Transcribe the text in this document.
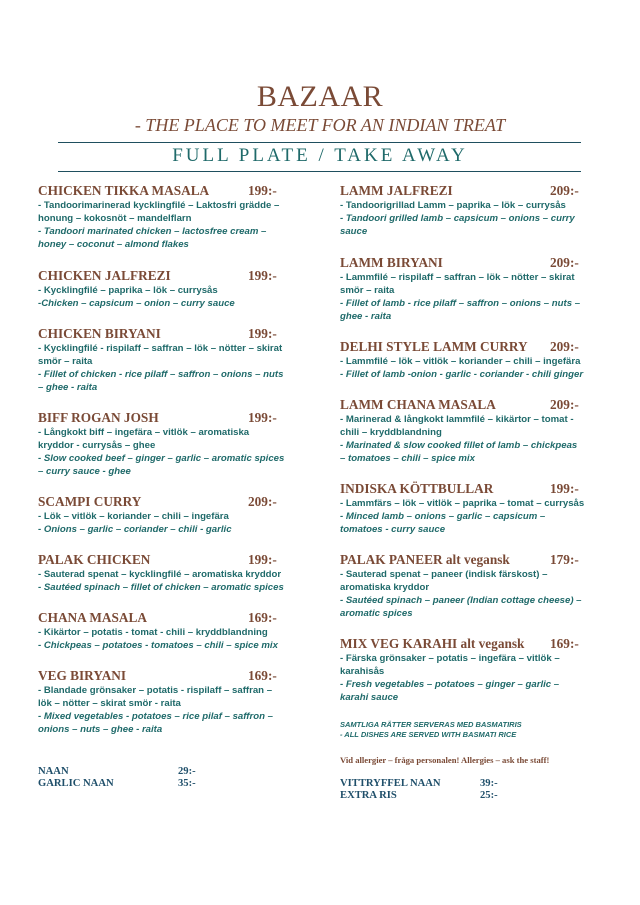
BAZAAR
- THE PLACE TO MEET FOR AN INDIAN TREAT
FULL PLATE / TAKE AWAY
CHICKEN TIKKA MASALA	199:-
- Tandoorimarinerad kycklingfilé – Laktosfri grädde –
honung – kokosnöt – mandelflarn
- Tandoori marinated chicken – lactosfree cream –
honey – coconut – almond flakes
CHICKEN JALFREZI	199:-
- Kycklingfilé – paprika – lök – currysås
-Chicken – capsicum – onion – curry sauce
CHICKEN BIRYANI	199:-
- Kycklingfilé - rispilaff – saffran – lök – nötter – skirat
smör – raita
- Fillet of chicken - rice pilaff – saffron – onions – nuts
– ghee - raita
BIFF ROGAN JOSH	199:-
- Långkokt biff – ingefära – vitlök – aromatiska
kryddor - currysås – ghee
- Slow cooked beef – ginger – garlic – aromatic spices
– curry sauce - ghee
SCAMPI CURRY	209:-
- Lök – vitlök – koriander – chili – ingefära
- Onions – garlic – coriander – chili - garlic
PALAK CHICKEN	199:-
- Sauterad spenat – kycklingfilé – aromatiska kryddor
- Sautéed spinach – fillet of chicken – aromatic spices
CHANA MASALA	169:-
- Kikärtor – potatis - tomat - chili – kryddblandning
- Chickpeas – potatoes - tomatoes – chili – spice mix
VEG BIRYANI	169:-
- Blandade grönsaker – potatis - rispilaff – saffran –
lök – nötter – skirat smör - raita
- Mixed vegetables - potatoes – rice pilaf – saffron –
onions – nuts – ghee - raita
NAAN	29:-
GARLIC NAAN	35:-
LAMM JALFREZI	209:-
- Tandoorigrillad Lamm – paprika – lök – currysås
- Tandoori grilled lamb – capsicum – onions – curry
sauce
LAMM BIRYANI	209:-
- Lammfilé – rispilaff – saffran – lök – nötter – skirat
smör – raita
- Fillet of lamb - rice pilaff – saffron – onions – nuts –
ghee - raita
DELHI STYLE LAMM CURRY	209:-
- Lammfilé – lök – vitlök – koriander – chili – ingefära
- Fillet of lamb -onion - garlic - coriander - chili ginger
LAMM CHANA MASALA	209:-
- Marinerad & långkokt lammfilé – kikärtor – tomat -
chili – kryddblandning
- Marinated & slow cooked fillet of lamb – chickpeas
– tomatoes – chili – spice mix
INDISKA KÖTTBULLAR	199:-
- Lammfärs – lök – vitlök – paprika – tomat – currysås
- Minced lamb – onions – garlic – capsicum –
tomatoes - curry sauce
PALAK PANEER alt vegansk	179:-
- Sauterad spenat – paneer (indisk färskost) –
aromatiska kryddor
- Sautéed spinach – paneer (Indian cottage cheese) –
aromatic spices
MIX VEG KARAHI alt vegansk	169:-
- Färska grönsaker – potatis – ingefära – vitlök –
karahisås
- Fresh vegetables – potatoes – ginger – garlic –
karahi sauce
SAMTLIGA RÄTTER SERVERAS MED BASMATIRIS
- ALL DISHES ARE SERVED WITH BASMATI RICE
Vid allergier – fråga personalen! Allergies – ask the staff!
VITTRYFFEL NAAN	39:-
EXTRA RIS	25:-
